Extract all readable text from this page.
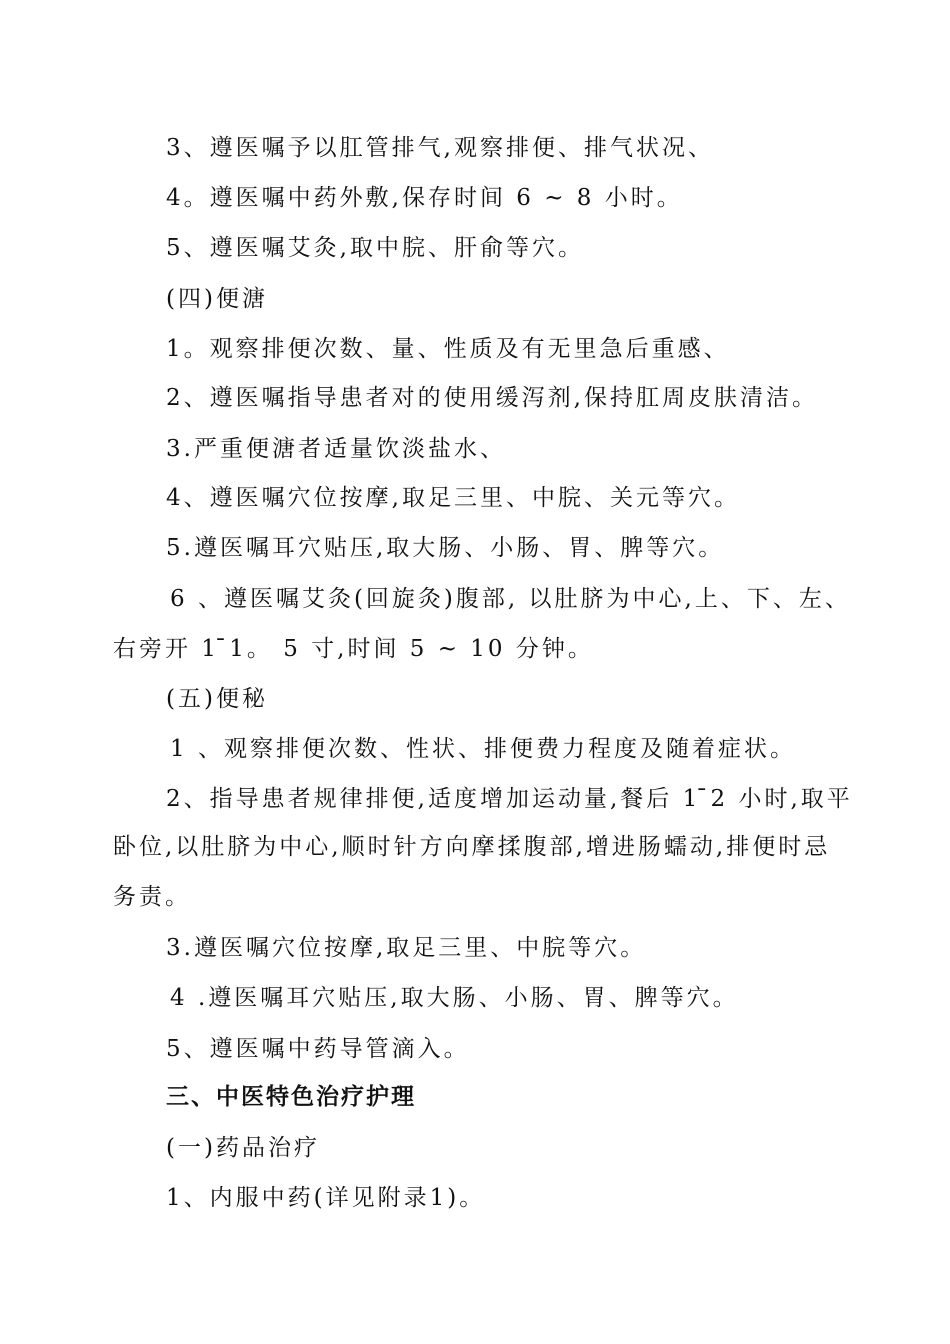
3、遵医嘱予以肛管排气,观察排便、排气状况、
4。遵医嘱中药外敷,保存时间 6 ~ 8 小时。
5、遵医嘱艾灸,取中脘、肝俞等穴。
(四)便溏
1。观察排便次数、量、性质及有无里急后重感、
2、遵医嘱指导患者对的使用缓泻剂,保持肛周皮肤清洁。
3.严重便溏者适量饮淡盐水、
4、遵医嘱穴位按摩,取足三里、中脘、关元等穴。
5.遵医嘱耳穴贴压,取大肠、小肠、胃、脾等穴。
6 、遵医嘱艾灸(回旋灸)腹部, 以肚脐为中心,上、下、左、
右旁开 1 ̄1。 5 寸,时间 5 ~ 10 分钟。
(五)便秘
1 、观察排便次数、性状、排便费力程度及随着症状。
2、指导患者规律排便,适度增加运动量,餐后 1 ̄2 小时,取平
卧位,以肚脐为中心,顺时针方向摩揉腹部,增进肠蠕动,排便时忌
务责。
3.遵医嘱穴位按摩,取足三里、中脘等穴。
4 .遵医嘱耳穴贴压,取大肠、小肠、胃、脾等穴。
5、遵医嘱中药导管滴入。
三、中医特色治疗护理
(一)药品治疗
1、内服中药(详见附录1)。
